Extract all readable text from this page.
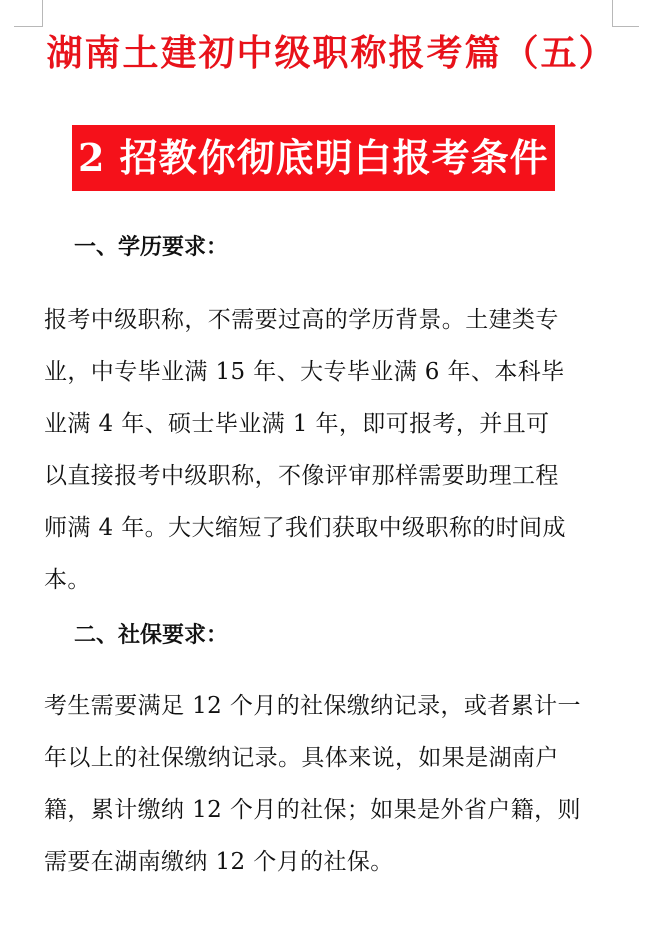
湖南土建初中级职称报考篇（五）
2 招教你彻底明白报考条件
一、学历要求：
报考中级职称，不需要过高的学历背景。土建类专
业，中专毕业满 15 年、大专毕业满 6 年、本科毕
业满 4 年、硕士毕业满 1 年，即可报考，并且可
以直接报考中级职称，不像评审那样需要助理工程
师满 4 年。大大缩短了我们获取中级职称的时间成
本。
二、社保要求：
考生需要满足 12 个月的社保缴纳记录，或者累计一
年以上的社保缴纳记录。具体来说，如果是湖南户
籍，累计缴纳 12 个月的社保；如果是外省户籍，则
需要在湖南缴纳 12 个月的社保。
